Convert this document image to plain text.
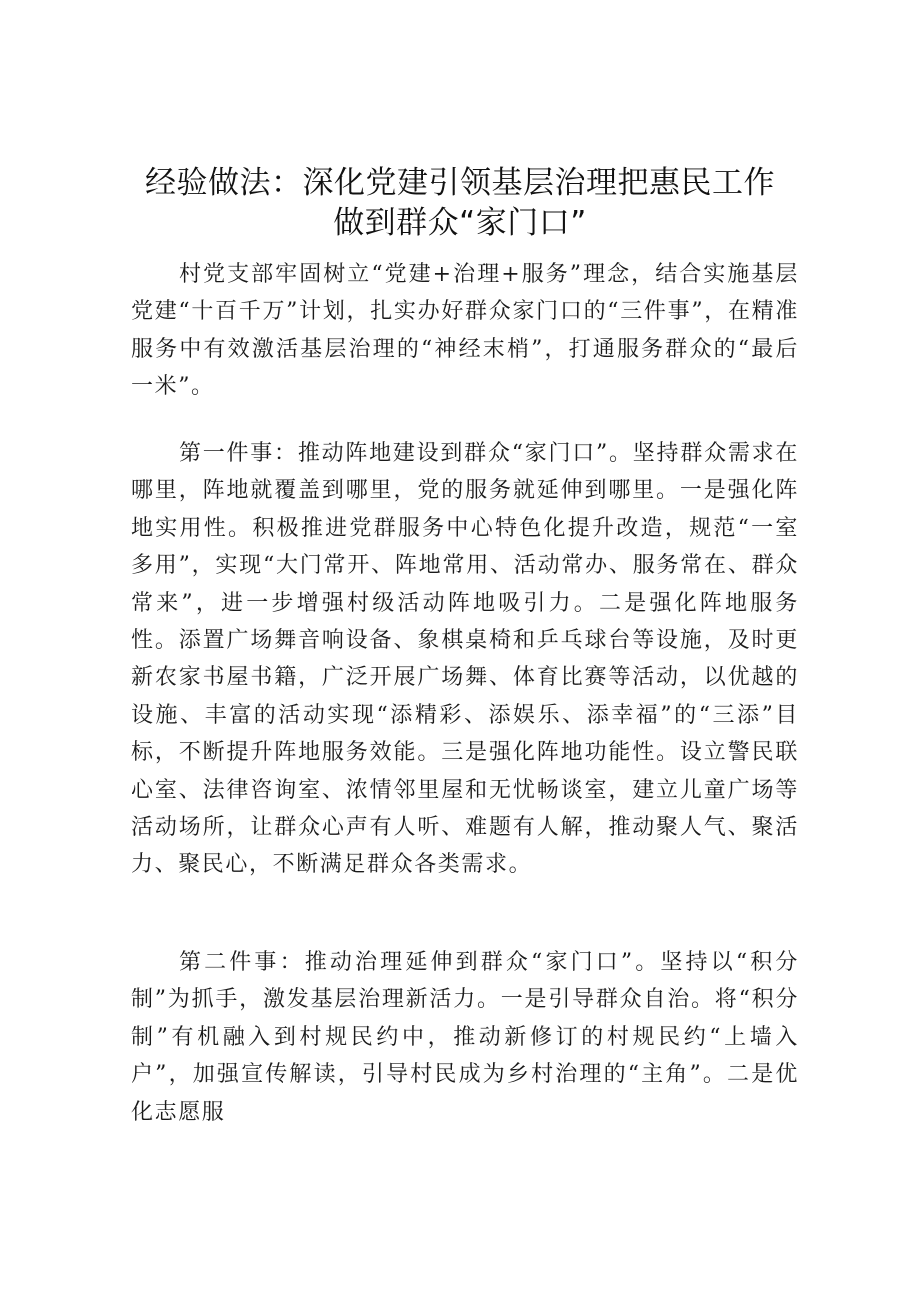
经验做法：深化党建引领基层治理把惠民工作
做到群众“家门口”

村党支部牢固树立“党建+治理+服务”理念，结合实施基层党建“十百千万”计划，扎实办好群众家门口的“三件事”，在精准服务中有效激活基层治理的“神经末梢”，打通服务群众的“最后一米”。

第一件事：推动阵地建设到群众“家门口”。坚持群众需求在哪里，阵地就覆盖到哪里，党的服务就延伸到哪里。一是强化阵地实用性。积极推进党群服务中心特色化提升改造，规范“一室多用”，实现“大门常开、阵地常用、活动常办、服务常在、群众常来”，进一步增强村级活动阵地吸引力。二是强化阵地服务性。添置广场舞音响设备、象棋桌椅和乒乓球台等设施，及时更新农家书屋书籍，广泛开展广场舞、体育比赛等活动，以优越的设施、丰富的活动实现“添精彩、添娱乐、添幸福”的“三添”目标，不断提升阵地服务效能。三是强化阵地功能性。设立警民联心室、法律咨询室、浓情邻里屋和无忧畅谈室，建立儿童广场等活动场所，让群众心声有人听、难题有人解，推动聚人气、聚活力、聚民心，不断满足群众各类需求。

第二件事：推动治理延伸到群众“家门口”。坚持以“积分制”为抓手，激发基层治理新活力。一是引导群众自治。将“积分制”有机融入到村规民约中，推动新修订的村规民约“上墙入户”，加强宣传解读，引导村民成为乡村治理的“主角”。二是优化志愿服
